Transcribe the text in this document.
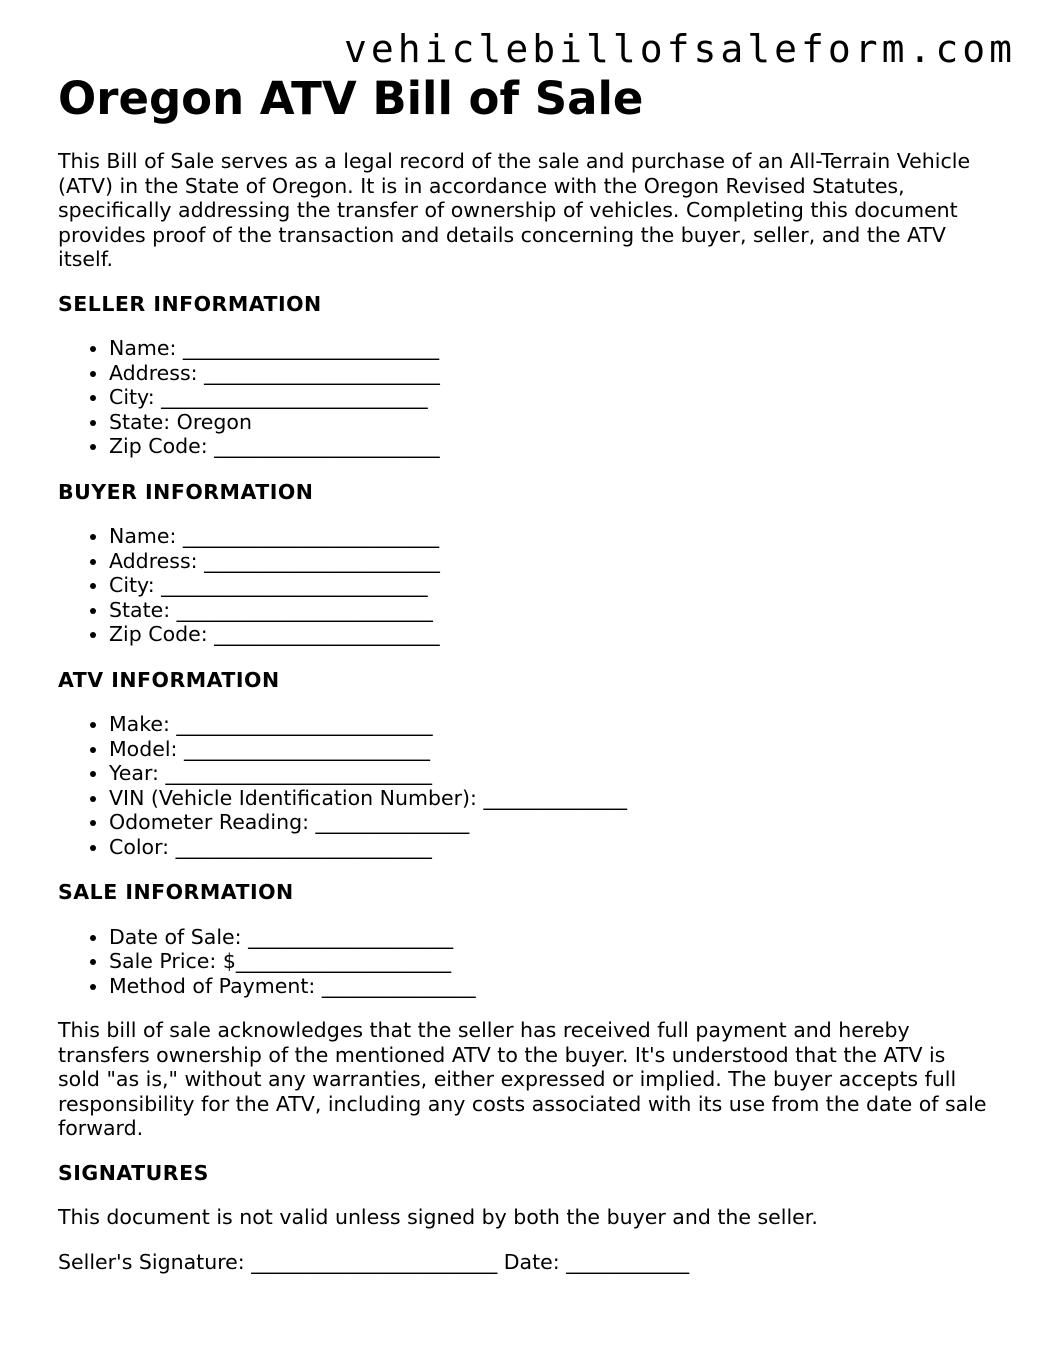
vehiclebillofsaleform.com
Oregon ATV Bill of Sale

This Bill of Sale serves as a legal record of the sale and purchase of an All-Terrain Vehicle (ATV) in the State of Oregon. It is in accordance with the Oregon Revised Statutes, specifically addressing the transfer of ownership of vehicles. Completing this document provides proof of the transaction and details concerning the buyer, seller, and the ATV itself.

SELLER INFORMATION
• Name: _________________________
• Address: _______________________
• City: __________________________
• State: Oregon
• Zip Code: ______________________
BUYER INFORMATION
• Name: _________________________
• Address: _______________________
• City: __________________________
• State: _________________________
• Zip Code: ______________________
ATV INFORMATION
• Make: _________________________
• Model: ________________________
• Year: __________________________
• VIN (Vehicle Identification Number): ______________
• Odometer Reading: _______________
• Color: _________________________
SALE INFORMATION
• Date of Sale: ____________________
• Sale Price: $_____________________
• Method of Payment: _______________

This bill of sale acknowledges that the seller has received full payment and hereby transfers ownership of the mentioned ATV to the buyer. It's understood that the ATV is sold "as is," without any warranties, either expressed or implied. The buyer accepts full responsibility for the ATV, including any costs associated with its use from the date of sale forward.

SIGNATURES

This document is not valid unless signed by both the buyer and the seller.

Seller's Signature: ________________________ Date: ____________
